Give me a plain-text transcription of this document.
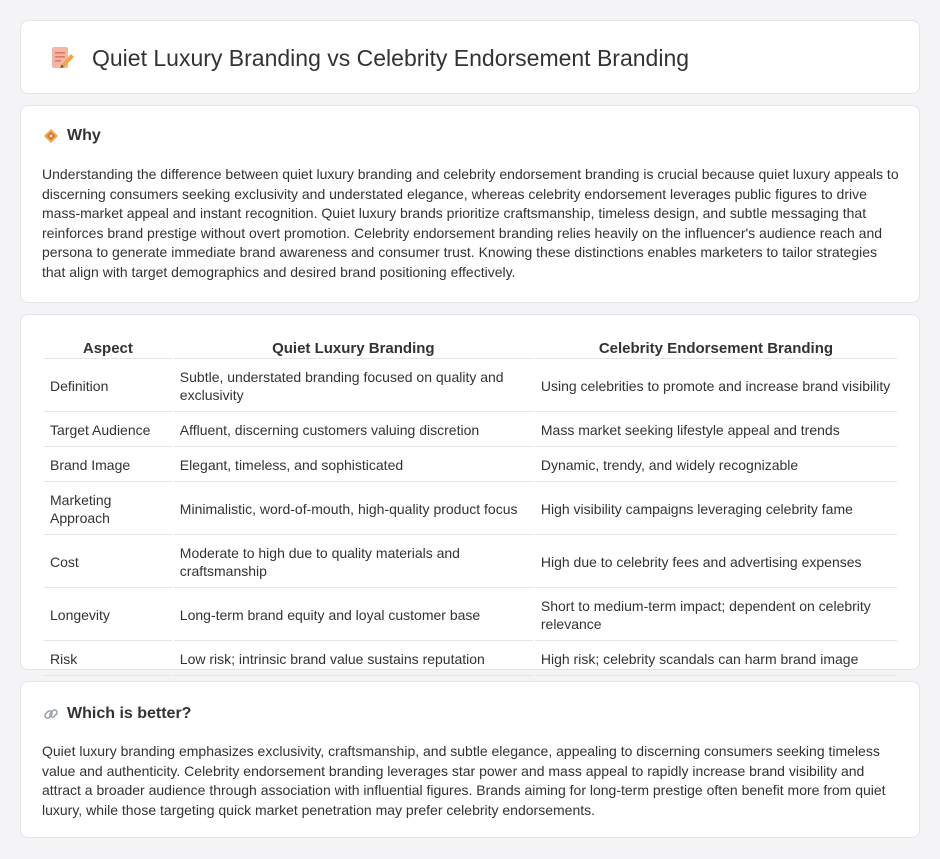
Quiet Luxury Branding vs Celebrity Endorsement Branding
Why

Understanding the difference between quiet luxury branding and celebrity endorsement branding is crucial because quiet luxury appeals to discerning consumers seeking exclusivity and understated elegance, whereas celebrity endorsement leverages public figures to drive mass-market appeal and instant recognition. Quiet luxury brands prioritize craftsmanship, timeless design, and subtle messaging that reinforces brand prestige without overt promotion. Celebrity endorsement branding relies heavily on the influencer's audience reach and persona to generate immediate brand awareness and consumer trust. Knowing these distinctions enables marketers to tailor strategies that align with target demographics and desired brand positioning effectively.

Aspect	Quiet Luxury Branding	Celebrity Endorsement Branding
Definition	Subtle, understated branding focused on quality and exclusivity	Using celebrities to promote and increase brand visibility
Target Audience	Affluent, discerning customers valuing discretion	Mass market seeking lifestyle appeal and trends
Brand Image	Elegant, timeless, and sophisticated	Dynamic, trendy, and widely recognizable
Marketing Approach	Minimalistic, word-of-mouth, high-quality product focus	High visibility campaigns leveraging celebrity fame
Cost	Moderate to high due to quality materials and craftsmanship	High due to celebrity fees and advertising expenses
Longevity	Long-term brand equity and loyal customer base	Short to medium-term impact; dependent on celebrity relevance
Risk	Low risk; intrinsic brand value sustains reputation	High risk; celebrity scandals can harm brand image
Which is better?

Quiet luxury branding emphasizes exclusivity, craftsmanship, and subtle elegance, appealing to discerning consumers seeking timeless value and authenticity. Celebrity endorsement branding leverages star power and mass appeal to rapidly increase brand visibility and attract a broader audience through association with influential figures. Brands aiming for long-term prestige often benefit more from quiet luxury, while those targeting quick market penetration may prefer celebrity endorsements.
